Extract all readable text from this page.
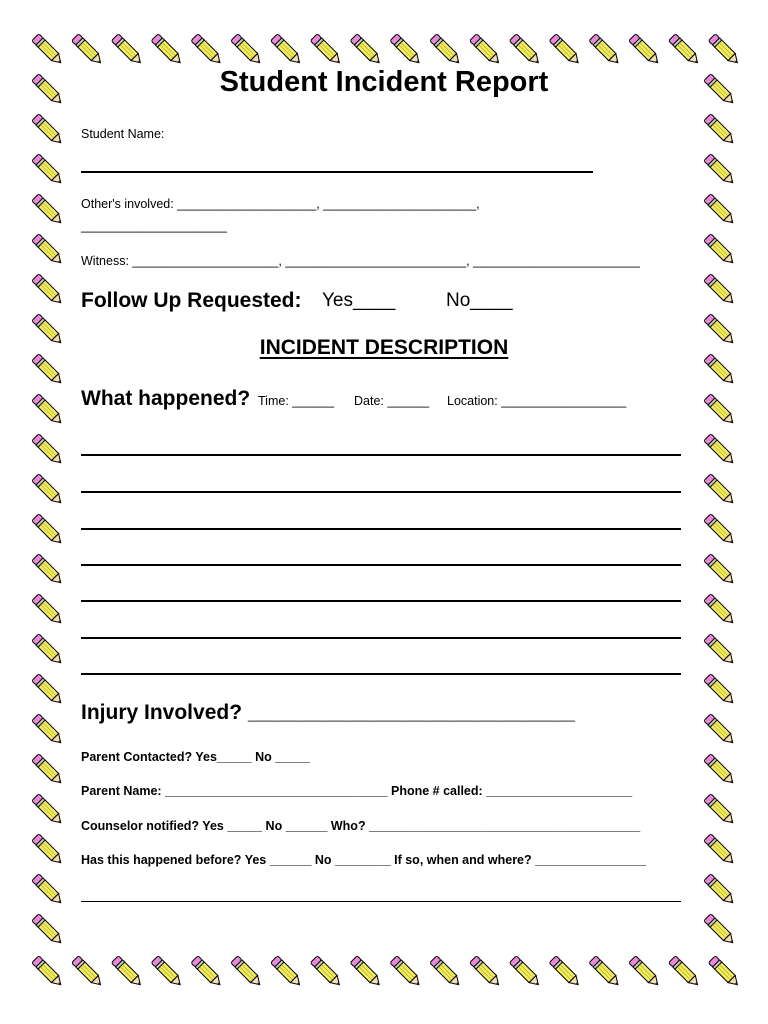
Student Incident Report
Student Name:
Other's involved: ____________________, ______________________,
_____________________
Witness: _____________________, __________________________, ________________________
Follow Up Requested: Yes____	No____
INCIDENT DESCRIPTION
What happened? Time: ______ Date: ______ Location: __________________
Injury Involved? ____________________________
Parent Contacted? Yes_____ No _____
Parent Name: ________________________________ Phone # called: _____________________
Counselor notified? Yes _____ No ______ Who? _______________________________________
Has this happened before? Yes ______ No ________ If so, when and where? ________________
